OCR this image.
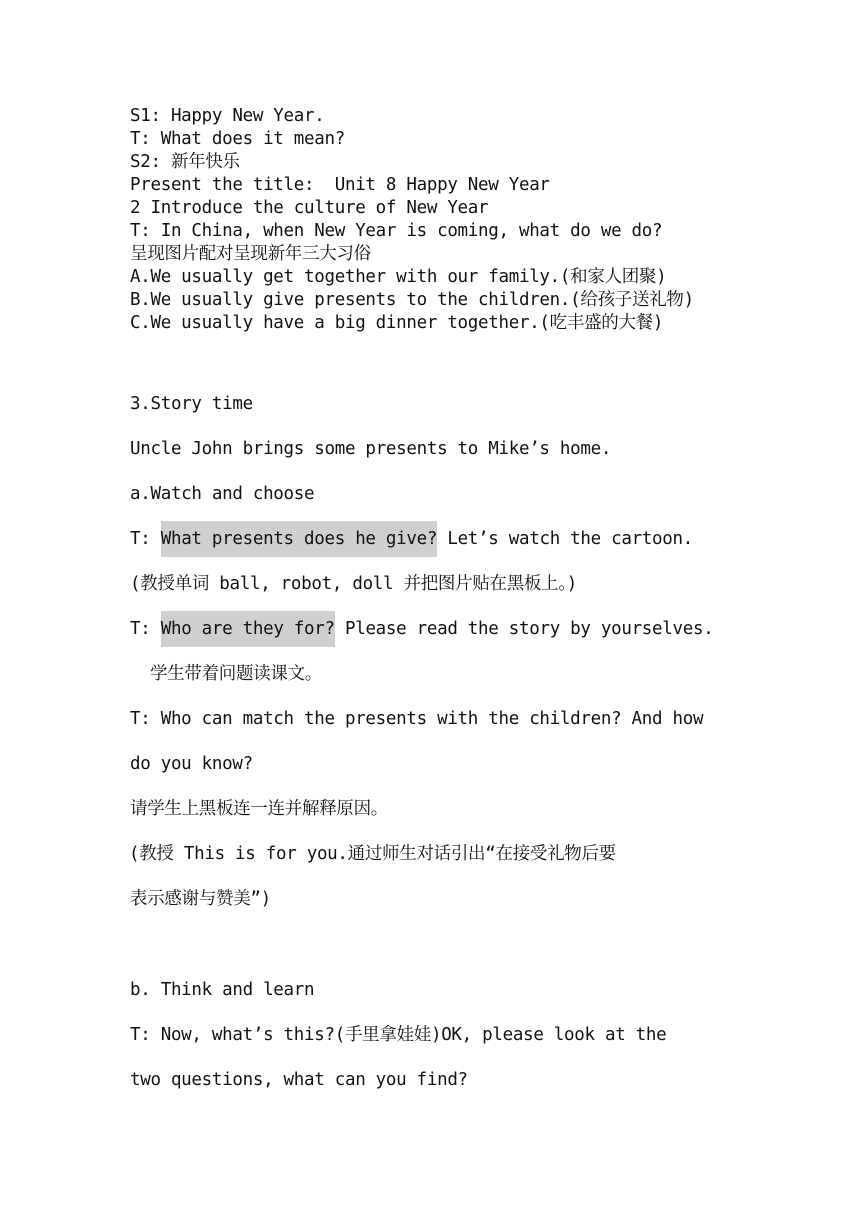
S1: Happy New Year.

T: What does it mean?

S2: 新年快乐

Present the title:  Unit 8 Happy New Year

2 Introduce the culture of New Year

T: In China, when New Year is coming, what do we do?

呈现图片配对呈现新年三大习俗

A.We usually get together with our family.(和家人团聚)

B.We usually give presents to the children.(给孩子送礼物)

C.We usually have a big dinner together.(吃丰盛的大餐)

3.Story time

Uncle John brings some presents to Mike’s home.

a.Watch and choose

T: What presents does he give? Let’s watch the cartoon.

(教授单词 ball, robot, doll 并把图片贴在黑板上。)

T: Who are they for? Please read the story by yourselves.

学生带着问题读课文。

T: Who can match the presents with the children? And how

do you know?

请学生上黑板连一连并解释原因。

(教授 This is for you.通过师生对话引出“在接受礼物后要

表示感谢与赞美”)

b. Think and learn

T: Now, what’s this?(手里拿娃娃)OK, please look at the

two questions, what can you find?
